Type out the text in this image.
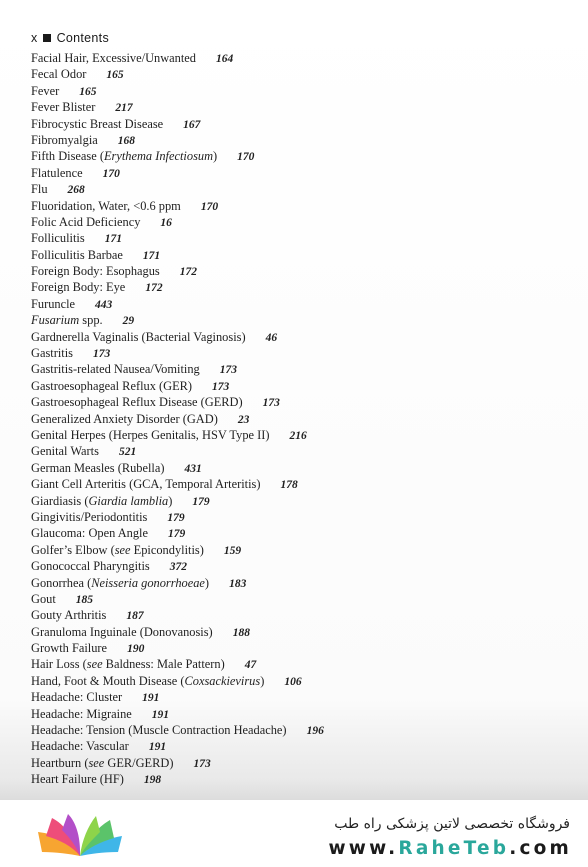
x Contents
Facial Hair, Excessive/Unwanted 164
Fecal Odor 165
Fever 165
Fever Blister 217
Fibrocystic Breast Disease 167
Fibromyalgia 168
Fifth Disease (Erythema Infectiosum) 170
Flatulence 170
Flu 268
Fluoridation, Water, <0.6 ppm 170
Folic Acid Deficiency 16
Folliculitis 171
Folliculitis Barbae 171
Foreign Body: Esophagus 172
Foreign Body: Eye 172
Furuncle 443
Fusarium spp. 29
Gardnerella Vaginalis (Bacterial Vaginosis) 46
Gastritis 173
Gastritis-related Nausea/Vomiting 173
Gastroesophageal Reflux (GER) 173
Gastroesophageal Reflux Disease (GERD) 173
Generalized Anxiety Disorder (GAD) 23
Genital Herpes (Herpes Genitalis, HSV Type II) 216
Genital Warts 521
German Measles (Rubella) 431
Giant Cell Arteritis (GCA, Temporal Arteritis) 178
Giardiasis (Giardia lamblia) 179
Gingivitis/Periodontitis 179
Glaucoma: Open Angle 179
Golfer’s Elbow (see Epicondylitis) 159
Gonococcal Pharyngitis 372
Gonorrhea (Neisseria gonorrhoeae) 183
Gout 185
Gouty Arthritis 187
Granuloma Inguinale (Donovanosis) 188
Growth Failure 190
Hair Loss (see Baldness: Male Pattern) 47
Hand, Foot & Mouth Disease (Coxsackievirus) 106
Headache: Cluster 191
Headache: Migraine 191
Headache: Tension (Muscle Contraction Headache) 196
Headache: Vascular 191
Heartburn (see GER/GERD) 173
Heart Failure (HF) 198
فروشگاه تخصصی لاتین پزشکی راه طب
www.RaheTeb.com
